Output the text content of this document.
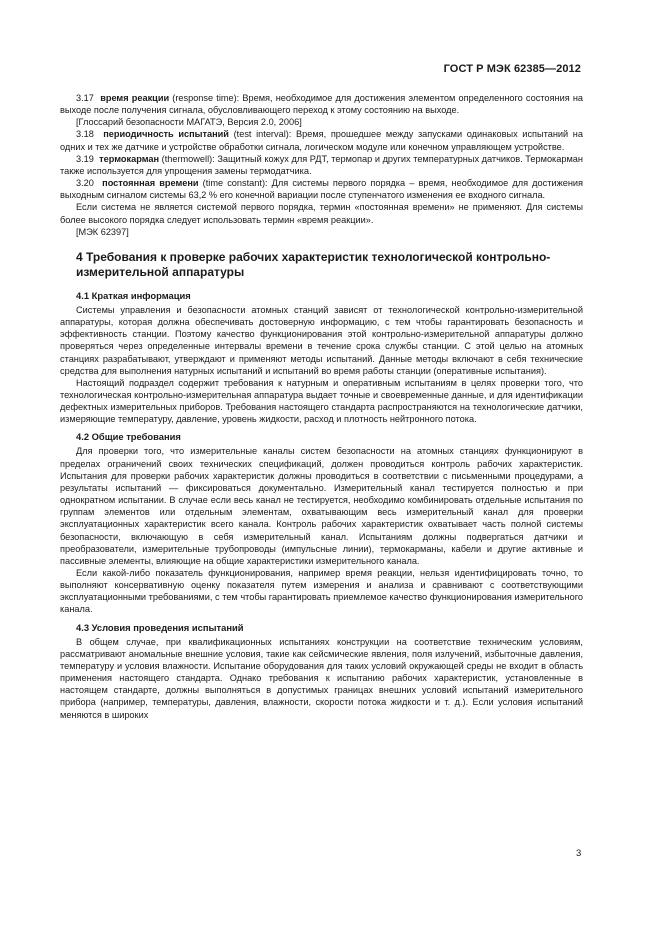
ГОСТ Р МЭК 62385—2012

3.17 время реакции (response time): Время, необходимое для достижения элементом определенного состояния на выходе после получения сигнала, обусловливающего переход к этому состоянию на выходе.

[Глоссарий безопасности МАГАТЭ, Версия 2.0, 2006]

3.18 периодичность испытаний (test interval): Время, прошедшее между запусками одинаковых испытаний на одних и тех же датчике и устройстве обработки сигнала, логическом модуле или конечном управляющем устройстве.

3.19 термокарман (thermowell): Защитный кожух для РДТ, термопар и других температурных датчиков. Термокарман также используется для упрощения замены термодатчика.

3.20 постоянная времени (time constant): Для системы первого порядка – время, необходимое для достижения выходным сигналом системы 63,2 % его конечной вариации после ступенчатого изменения ее входного сигнала.

Если система не является системой первого порядка, термин «постоянная времени» не применяют. Для системы более высокого порядка следует использовать термин «время реакции».

[МЭК 62397]

4 Требования к проверке рабочих характеристик технологической контрольно-измерительной аппаратуры
4.1 Краткая информация

Системы управления и безопасности атомных станций зависят от технологической контрольно-измерительной аппаратуры, которая должна обеспечивать достоверную информацию, с тем чтобы гарантировать безопасность и эффективность станции. Поэтому качество функционирования этой контрольно-измерительной аппаратуры должно проверяться через определенные интервалы времени в течение срока службы станции. С этой целью на атомных станциях разрабатывают, утверждают и применяют методы испытаний. Данные методы включают в себя технические средства для выполнения натурных испытаний и испытаний во время работы станции (оперативные испытания).

Настоящий подраздел содержит требования к натурным и оперативным испытаниям в целях проверки того, что технологическая контрольно-измерительная аппаратура выдает точные и своевременные данные, и для идентификации дефектных измерительных приборов. Требования настоящего стандарта распространяются на технологические датчики, измеряющие температуру, давление, уровень жидкости, расход и плотность нейтронного потока.

4.2 Общие требования

Для проверки того, что измерительные каналы систем безопасности на атомных станциях функционируют в пределах ограничений своих технических спецификаций, должен проводиться контроль рабочих характеристик. Испытания для проверки рабочих характеристик должны проводиться в соответствии с письменными процедурами, а результаты испытаний — фиксироваться документально. Измерительный канал тестируется полностью и при однократном испытании. В случае если весь канал не тестируется, необходимо комбинировать отдельные испытания по группам элементов или отдельным элементам, охватывающим весь измерительный канал для проверки эксплуатационных характеристик всего канала. Контроль рабочих характеристик охватывает часть полной системы безопасности, включающую в себя измерительный канал. Испытаниям должны подвергаться датчики и преобразователи, измерительные трубопроводы (импульсные линии), термокарманы, кабели и другие активные и пассивные элементы, влияющие на общие характеристики измерительного канала.

Если какой-либо показатель функционирования, например время реакции, нельзя идентифицировать точно, то выполняют консервативную оценку показателя путем измерения и анализа и сравнивают с соответствующими эксплуатационными требованиями, с тем чтобы гарантировать приемлемое качество функционирования измерительного канала.

4.3 Условия проведения испытаний

В общем случае, при квалификационных испытаниях конструкции на соответствие техническим условиям, рассматривают аномальные внешние условия, такие как сейсмические явления, поля излучений, избыточные давления, температуру и условия влажности. Испытание оборудования для таких условий окружающей среды не входит в область применения настоящего стандарта. Однако требования к испытанию рабочих характеристик, установленные в настоящем стандарте, должны выполняться в допустимых границах внешних условий испытаний измерительного прибора (например, температуры, давления, влажности, скорости потока жидкости и т. д.). Если условия испытаний меняются в широких

3
